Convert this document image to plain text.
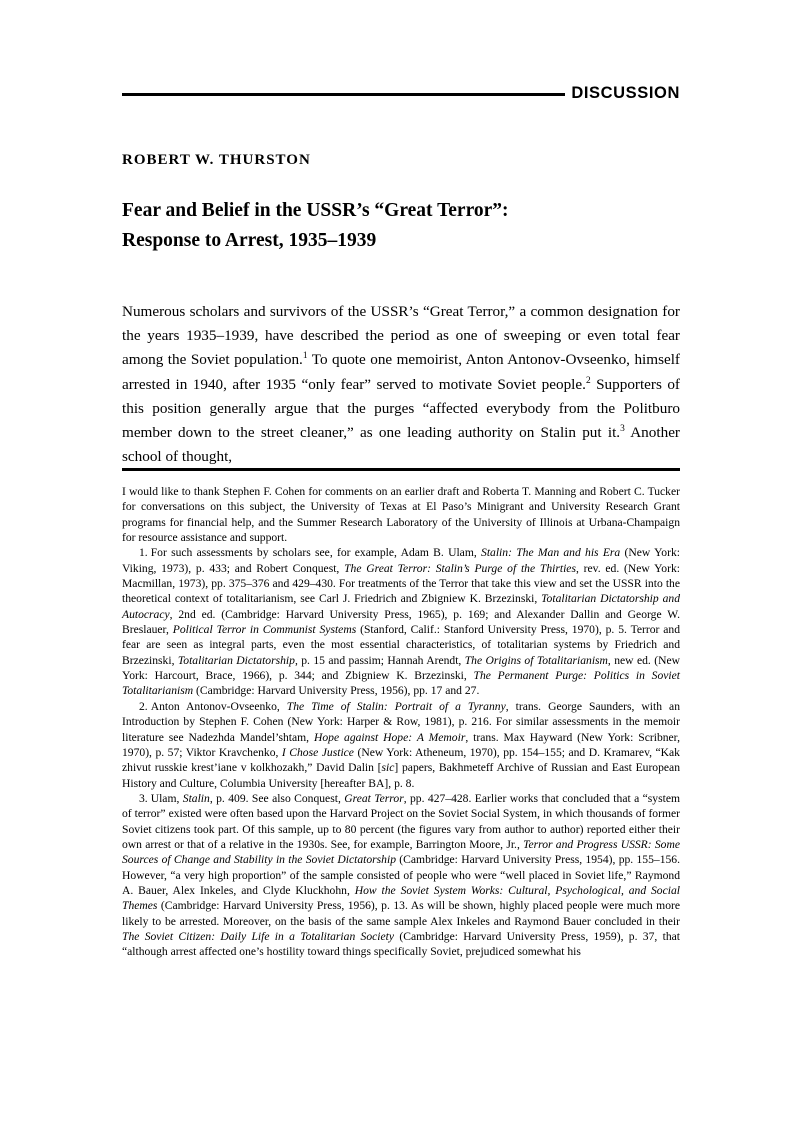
DISCUSSION
ROBERT W. THURSTON
Fear and Belief in the USSR’s “Great Terror”:
Response to Arrest, 1935–1939

Numerous scholars and survivors of the USSR’s “Great Terror,” a common designation for the years 1935–1939, have described the period as one of sweeping or even total fear among the Soviet population.$^1$ To quote one memoirist, Anton Antonov-Ovseenko, himself arrested in 1940, after 1935 “only fear” served to motivate Soviet people.$^2$ Supporters of this position generally argue that the purges “affected everybody from the Politburo member down to the street cleaner,” as one leading authority on Stalin put it.$^3$ Another school of thought,

I would like to thank Stephen F. Cohen for comments on an earlier draft and Roberta T. Manning and Robert C. Tucker for conversations on this subject, the University of Texas at El Paso’s Minigrant and University Research Grant programs for financial help, and the Summer Research Laboratory of the University of Illinois at Urbana-Champaign for resource assistance and support.

1. For such assessments by scholars see, for example, Adam B. Ulam, Stalin: The Man and his Era (New York: Viking, 1973), p. 433; and Robert Conquest, The Great Terror: Stalin’s Purge of the Thirties, rev. ed. (New York: Macmillan, 1973), pp. 375–376 and 429–430. For treatments of the Terror that take this view and set the USSR into the theoretical context of totalitarianism, see Carl J. Friedrich and Zbigniew K. Brzezinski, Totalitarian Dictatorship and Autocracy, 2nd ed. (Cambridge: Harvard University Press, 1965), p. 169; and Alexander Dallin and George W. Breslauer, Political Terror in Communist Systems (Stanford, Calif.: Stanford University Press, 1970), p. 5. Terror and fear are seen as integral parts, even the most essential characteristics, of totalitarian systems by Friedrich and Brzezinski, Totalitarian Dictatorship, p. 15 and passim; Hannah Arendt, The Origins of Totalitarianism, new ed. (New York: Harcourt, Brace, 1966), p. 344; and Zbigniew K. Brzezinski, The Permanent Purge: Politics in Soviet Totalitarianism (Cambridge: Harvard University Press, 1956), pp. 17 and 27.

2. Anton Antonov-Ovseenko, The Time of Stalin: Portrait of a Tyranny, trans. George Saunders, with an Introduction by Stephen F. Cohen (New York: Harper & Row, 1981), p. 216. For similar assessments in the memoir literature see Nadezhda Mandel’shtam, Hope against Hope: A Memoir, trans. Max Hayward (New York: Scribner, 1970), p. 57; Viktor Kravchenko, I Chose Justice (New York: Atheneum, 1970), pp. 154–155; and D. Kramarev, “Kak zhivut russkie krest’iane v kolkhozakh,” David Dalin [sic] papers, Bakhmeteff Archive of Russian and East European History and Culture, Columbia University [hereafter BA], p. 8.

3. Ulam, Stalin, p. 409. See also Conquest, Great Terror, pp. 427–428. Earlier works that concluded that a “system of terror” existed were often based upon the Harvard Project on the Soviet Social System, in which thousands of former Soviet citizens took part. Of this sample, up to 80 percent (the figures vary from author to author) reported either their own arrest or that of a relative in the 1930s. See, for example, Barrington Moore, Jr., Terror and Progress USSR: Some Sources of Change and Stability in the Soviet Dictatorship (Cambridge: Harvard University Press, 1954), pp. 155–156. However, “a very high proportion” of the sample consisted of people who were “well placed in Soviet life,” Raymond A. Bauer, Alex Inkeles, and Clyde Kluckhohn, How the Soviet System Works: Cultural, Psychological, and Social Themes (Cambridge: Harvard University Press, 1956), p. 13. As will be shown, highly placed people were much more likely to be arrested. Moreover, on the basis of the same sample Alex Inkeles and Raymond Bauer concluded in their The Soviet Citizen: Daily Life in a Totalitarian Society (Cambridge: Harvard University Press, 1959), p. 37, that “although arrest affected one’s hostility toward things specifically Soviet, prejudiced somewhat his
